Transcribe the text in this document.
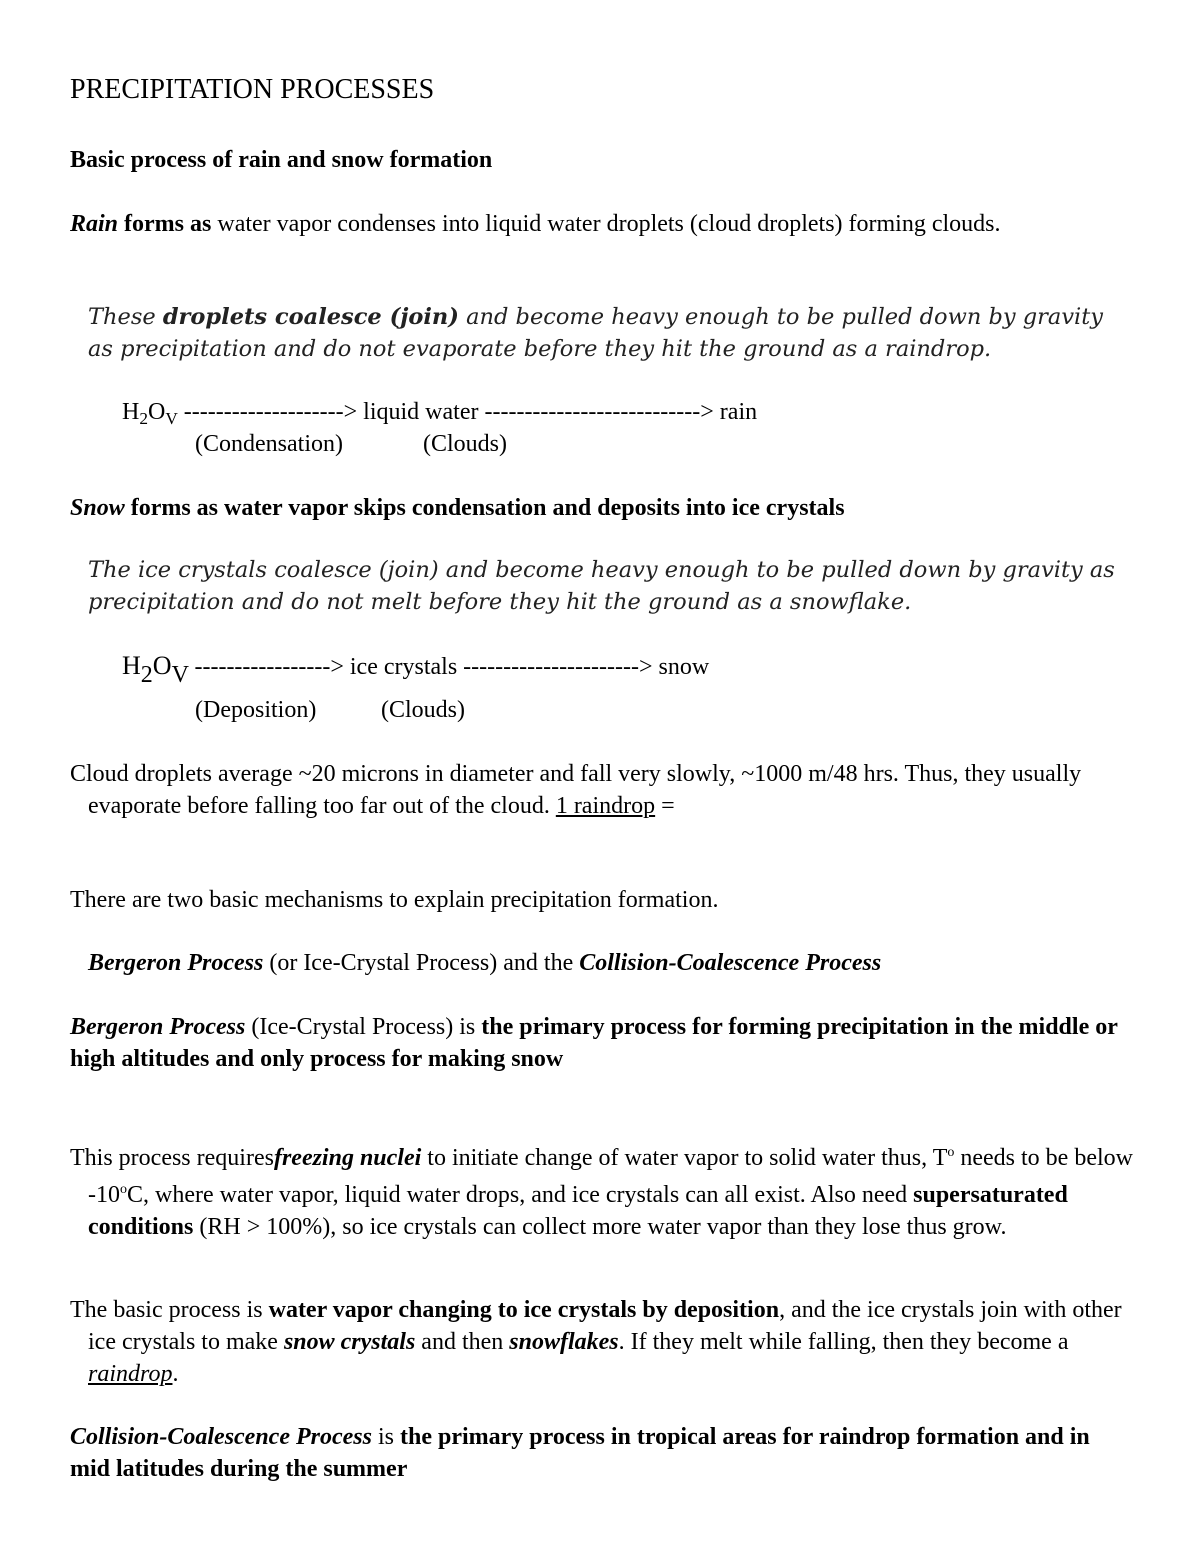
PRECIPITATION PROCESSES
Basic process of rain and snow formation

Rain forms as water vapor condenses into liquid water droplets (cloud droplets) forming clouds.

These droplets coalesce (join) and become heavy enough to be pulled down by gravity as precipitation and do not evaporate before they hit the ground as a raindrop.

$H_2O_V$ --------------------> liquid water ---------------------------> rain
(Condensation)	(Clouds)

Snow forms as water vapor skips condensation and deposits into ice crystals

The ice crystals coalesce (join) and become heavy enough to be pulled down by gravity as precipitation and do not melt before they hit the ground as a snowflake.

H2OV -----------------> ice crystals ----------------------> snow
(Deposition)	(Clouds)

Cloud droplets average ~20 microns in diameter and fall very slowly, ~1000 m/48 hrs. Thus, they usually evaporate before falling too far out of the cloud. 1 raindrop =

There are two basic mechanisms to explain precipitation formation.

Bergeron Process (or Ice-Crystal Process) and the Collision-Coalescence Process

Bergeron Process (Ice-Crystal Process) is the primary process for forming precipitation in the middle or high altitudes and only process for making snow

This process requiresfreezing nuclei to initiate change of water vapor to solid water thus, $T^o$ needs to be below -10$^o$C, where water vapor, liquid water drops, and ice crystals can all exist. Also need supersaturated conditions (RH > 100%), so ice crystals can collect more water vapor than they lose thus grow.

The basic process is water vapor changing to ice crystals by deposition, and the ice crystals join with other ice crystals to make snow crystals and then snowflakes. If they melt while falling, then they become a raindrop.

Collision-Coalescence Process is the primary process in tropical areas for raindrop formation and in mid latitudes during the summer
